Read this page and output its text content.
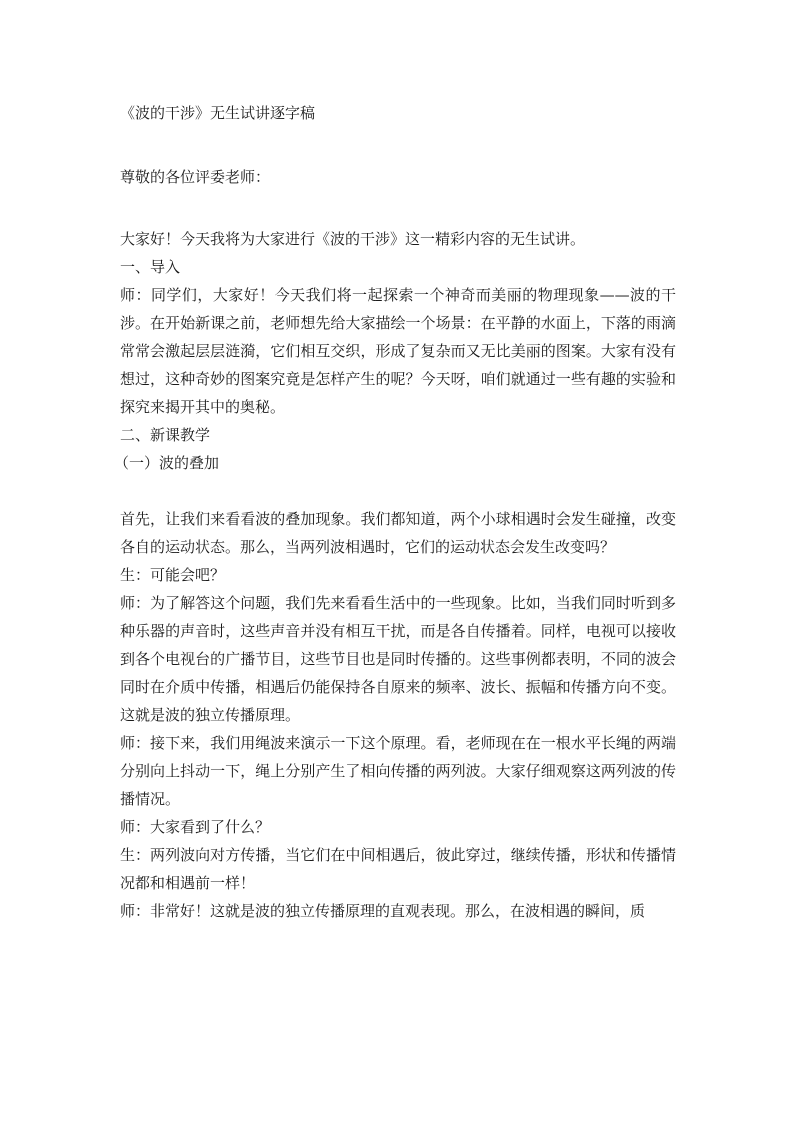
《波的干涉》无生试讲逐字稿
尊敬的各位评委老师：

大家好！今天我将为大家进行《波的干涉》这一精彩内容的无生试讲。

一、导入

师：同学们，大家好！今天我们将一起探索一个神奇而美丽的物理现象——波的干涉。在开始新课之前，老师想先给大家描绘一个场景：在平静的水面上，下落的雨滴常常会激起层层涟漪，它们相互交织，形成了复杂而又无比美丽的图案。大家有没有想过，这种奇妙的图案究竟是怎样产生的呢？今天呀，咱们就通过一些有趣的实验和探究来揭开其中的奥秘。

二、新课教学

（一）波的叠加

首先，让我们来看看波的叠加现象。我们都知道，两个小球相遇时会发生碰撞，改变各自的运动状态。那么，当两列波相遇时，它们的运动状态会发生改变吗？

生：可能会吧？

师：为了解答这个问题，我们先来看看生活中的一些现象。比如，当我们同时听到多种乐器的声音时，这些声音并没有相互干扰，而是各自传播着。同样，电视可以接收到各个电视台的广播节目，这些节目也是同时传播的。这些事例都表明，不同的波会同时在介质中传播，相遇后仍能保持各自原来的频率、波长、振幅和传播方向不变。这就是波的独立传播原理。

师：接下来，我们用绳波来演示一下这个原理。看，老师现在在一根水平长绳的两端分别向上抖动一下，绳上分别产生了相向传播的两列波。大家仔细观察这两列波的传播情况。

师：大家看到了什么？

生：两列波向对方传播，当它们在中间相遇后，彼此穿过，继续传播，形状和传播情况都和相遇前一样！

师：非常好！这就是波的独立传播原理的直观表现。那么，在波相遇的瞬间，质
